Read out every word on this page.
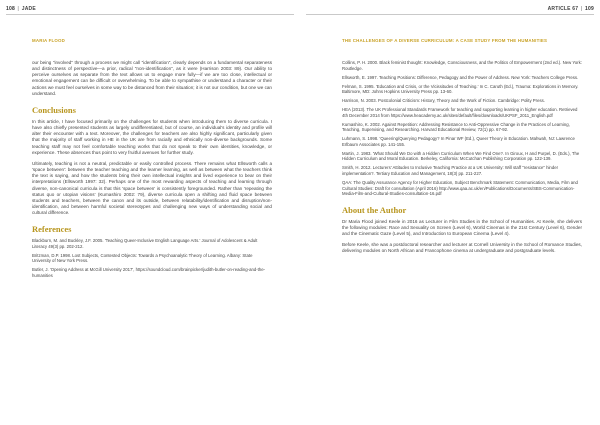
108 | JADE	ARTICLE 67 | 109
MARIA FLOOD

our being "involved" through a process we might call "identification", clearly depends on a fundamental separateness and distinctness of perspective—a prior, radical "non-identification", as it were (Harrison 2003: 89). Our ability to perceive ourselves as separate from the text allows us to engage more fully—if we are too close, intellectual or emotional engagement can be difficult or overwhelming. To be able to sympathise or understand a character or their actions we must feel ourselves in some way to be distanced from their situation; it is not our condition, but one we can understand.

Conclusions

In this article, I have focused primarily on the challenges for students when introducing them to diverse curricula. I have also chiefly presented students as largely undifferentiated, but of course, an individual's identity and profile will alter their encounter with a text. Moreover, the challenges for teachers are also highly significant, particularly given that the majority of staff working in HE in the UK are from racially and ethnically non-diverse backgrounds. Some teaching staff may not feel comfortable teaching works that do not speak to their own identities, knowledge, or experience. These absences thus point to very fruitful avenues for further study.

Ultimately, teaching is not a neutral, predictable or easily controlled process. There remains what Ellsworth calls a 'space between': between the teacher teaching and the learner learning, as well as between what the teachers think the text is saying, and how the students bring their own intellectual insights and lived experience to bear on their interpretations (Ellsworth 1997: 32). Perhaps one of the most rewarding aspects of teaching and learning through diverse, non-canonical curricula is that this 'space between' is consistently foregrounded. Rather than 'repeating the status quo or utopian visions' (Kumashiro 2002: 79), diverse curricula open a shifting and fluid space between students and teachers, between the canon and its outside, between relatability/identification and disruption/non-identification, and between harmful societal stereotypes and challenging new ways of understanding social and cultural difference.

References

Blackburn, M. and Buckley, J.F. 2005. 'Teaching Queer-Inclusive English Language Arts.' Journal of Adolescent & Adult Literacy 49(3) pp. 202-212.

Britzman, D.P. 1998. Lost Subjects, Contested Objects: Towards a Psychoanalytic Theory of Learning. Albany: State University of New York Press.

Butler, J. 'Opening Address at McGill University 2017', https://soundcloud.com/brainpicker/judith-butler-on-reading-and-the-humanities

THE CHALLENGES OF A DIVERSE CURRICULUM: A CASE STUDY FROM THE HUMANITIES

Collins, P. H. 2000. Black feminist thought: Knowledge, Consciousness, and the Politics of Empowerment (2nd ed.). New York: Routledge.

Ellsworth, E. 1997. Teaching Positions: Difference, Pedagogy and the Power of Address. New York: Teachers College Press.

Felman, S. 1995. 'Education and Crisis, or the Vicissitudes of Teaching.' In C. Caruth (Ed.), Trauma: Explorations in Memory. Baltimore, MD: Johns Hopkins University Press pp. 13-60.

Harrison, N. 2003. Postcolonial Criticism: History, Theory and the Work of Fiction. Cambridge: Polity Press.

HEA (2013). The UK Professional Standards Framework for teaching and supporting learning in higher education. Retrieved 4th December 2014 from https://www.heacademy.ac.uk/sites/default/files/downloads/UKPSF_2011_English.pdf

Kumashiro, K. 2002. Against Repetition: Addressing Resistance to Anti-Oppressive Change in the Practices of Learning, Teaching, Supervising, and Researching. Harvard Educational Review, 72(1) pp. 67-92.

Luhmann, S. 1998. 'Queering/Querying Pedagogy? In Pinar WF (Ed.), Queer Theory in Education. Mahwah, NJ: Lawrence Erlbaum Associates pp. 141-155.

Martin, J. 1983. 'What Should We Do with a Hidden Curriculum When We Find One?. In Giroux, H and Purpel, D. (Eds.), The Hidden Curriculum and Moral Education. Berkeley, California: McCutchan Publishing Corporation pp. 122-139.

Smith, H. 2012. Lecturers' Attitudes to Inclusive Teaching Practice at a UK University: Will staff "resistance" hinder implementation?. Tertiary Education and Management, 18(3) pp. 211-227.

QAA: The Quality Assurance Agency for Higher Education, Subject Benchmark Statement: Communication, Media, Film and Cultural Studies: Draft for consultation (April 2016) http://www.qaa.ac.uk/en/Publications/Documents/SBS-Communication-Media-Film-and-Cultural-Studies-consultation-16.pdf

About the Author

Dr Maria Flood joined Keele in 2016 as Lecturer in Film Studies in the School of Humanities. At Keele, she delivers the following modules: Race and Sexuality on Screen (Level 6), World Cinemas in the 21st Century (Level 6), Gender and the Cinematic Gaze (Level 5), and Introduction to European Cinema (Level 4).

Before Keele, she was a postdoctoral researcher and lecturer at Cornell University in the School of Romance Studies, delivering modules on North African and Francophone cinema at undergraduate and postgraduate levels.
